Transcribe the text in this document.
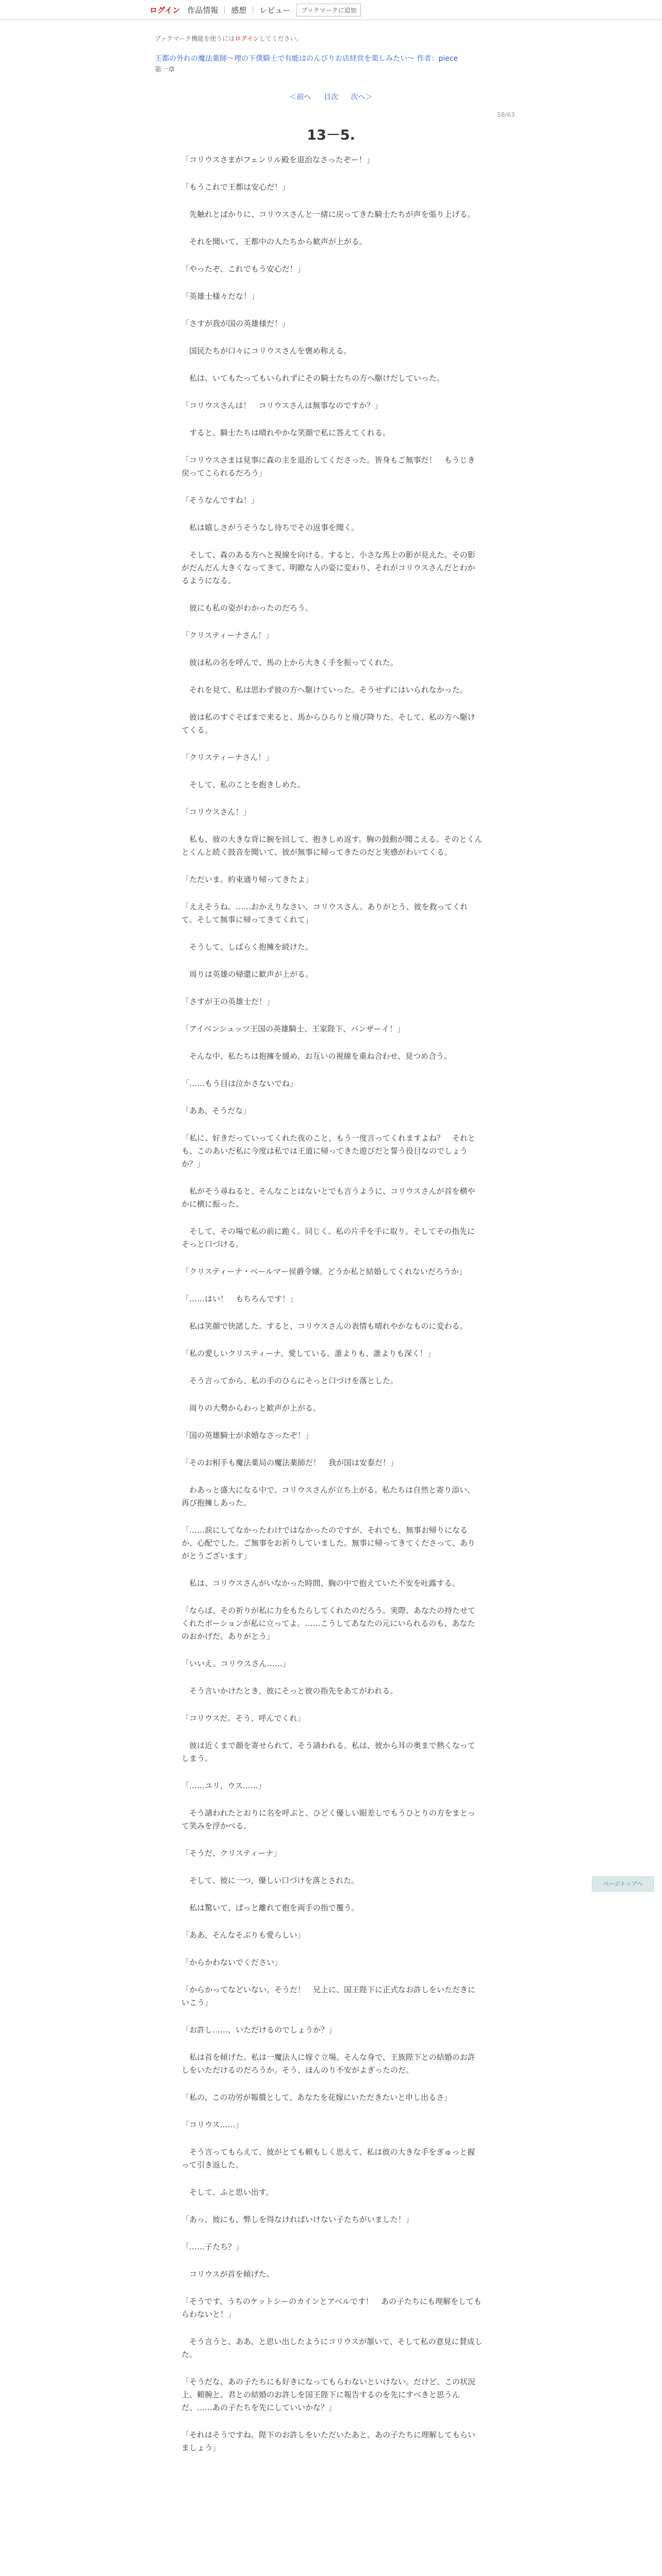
ログイン 作品情報 感想 レビュー	ブックマークに追加
ブックマーク機能を使うにはログインしてください。
王都の外れの魔法薬師〜理の下僕騎士で有能はのんびりお店経営を楽しみたい〜 作者：piece
第一章
＜前へ 目次 次へ＞
58/63
13－5.

「コリウスさまがフェンリル殿を退治なさったぞー！」

「もうこれで王都は安心だ！」

　先触れとばかりに、コリウスさんと一緒に戻ってきた騎士たちが声を張り上げる。

　それを聞いて、王都中の人たちから歓声が上がる。

「やったぞ、これでもう安心だ！」

「英雄士様々だな！」

「さすが我が国の英雄様だ！」

　国民たちが口々にコリウスさんを褒め称える。

　私は、いてもたってもいられずにその騎士たちの方へ駆けだしていった。

「コリウスさんは！　コリウスさんは無事なのですか？」

　すると、騎士たちは晴れやかな笑顔で私に答えてくれる。

「コリウスさまは見事に森の主を退治してくださった。皆身もご無事だ！　もうじき戻ってこられるだろう」

「そうなんですね！」

　私は嬉しさがうそうなし待ちでその返事を聞く。

　そして、森のある方へと視線を向ける。すると、小さな馬上の影が見えた。その影がだんだん大きくなってきて、明瞭な人の姿に変わり、それがコリウスさんだとわかるようになる。

　彼にも私の姿がわかったのだろう。

「クリスティーナさん！」

　彼は私の名を呼んで、馬の上から大きく手を振ってくれた。

　それを見て、私は思わず彼の方へ駆けていった。そうせずにはいられなかった。

　彼は私のすぐそばまで来ると、馬からひらりと飛び降りた。そして、私の方へ駆けてくる。

「クリスティーナさん！」

　そして、私のことを抱きしめた。

「コリウスさん！」

　私も、彼の大きな背に腕を回して、抱きしめ返す。胸の鼓動が聞こえる。そのとくんとくんと続く鼓音を聞いて、彼が無事に帰ってきたのだと実感がわいてくる。

「ただいま。約束通り帰ってきたよ」

「ええそうね。……おかえりなさい、コリウスさん。ありがとう、彼を救ってくれて。そして無事に帰ってきてくれて」

　そうして、しばらく抱擁を続けた。

　周りは英雄の帰還に歓声が上がる。

「さすが王の英雄士だ！」

「アイベンシュッツ王国の英雄騎士、王家陛下、バンザーイ！」

　そんな中、私たちは抱擁を緩め、お互いの視線を重ね合わせ、見つめ合う。

「……もう目は泣かさないでね」

「ああ、そうだな」

「私に、好きだっていってくれた夜のこと、もう一度言ってくれますよね？　それとも、このあいだ私に今度は私では王道に帰ってきた遊びだと誓う役目なのでしょうか？」

　私がそう尋ねると、そんなことはないとでも言うように、コリウスさんが首を横やかに横に振った。

　そして、その場で私の前に跪く。同じく、私の片手を手に取り。そしてその指先にそっと口づける。

「クリスティーナ・ベールマー侯爵令嬢。どうか私と結婚してくれないだろうか」

「……はい！　もちろんです！」

　私は笑顔で快諾した。すると、コリウスさんの表情も晴れやかなものに変わる。

「私の愛しいクリスティーナ。愛している。誰よりも、誰よりも深く！」

　そう言ってから、私の手のひらにそっと口づけを落とした。

　周りの大勢からわっと歓声が上がる。

「国の英雄騎士が求婚なさったぞ！」

「そのお相手も魔法薬局の魔法薬師だ！　我が国は安泰だ！」

　わあっと盛大になる中で、コリウスさんが立ち上がる。私たちは自然と寄り添い、再び抱擁しあった。

「……涙にしてなかったわけではなかったのですが、それでも、無事お帰りになるか、心配でした。ご無事をお祈りしていました。無事に帰ってきてくださって、ありがとうございます」

　私は、コリウスさんがいなかった時間、胸の中で抱えていた不安を吐露する。

「ならば、その祈りが私に力をもたらしてくれたのだろう。実際、あなたの持たせてくれたポーションが私に立ってよ。……こうしてあなたの元にいられるのも、あなたのおかげだ。ありがとう」

「いいえ。コリウスさん……」

　そう言いかけたとき、彼にそっと彼の指先をあてがわれる。

「コリウスだ。そう、呼んでくれ」

　彼は近くまで顔を寄せられて、そう請われる。私は、彼から耳の奥まで熱くなってしまう。

「……ユリ、ウス……」

　そう請われたとおりに名を呼ぶと、ひどく優しい眼差しでもうひとりの方をまとって笑みを浮かべる。

「そうだ、クリスティーナ」

　そして、彼に一つ、優しい口づけを落とされた。

　私は驚いて、ぱっと離れて抱を両手の指で覆う。

「ああ、そんなそぶりも愛らしい」

「からかわないでください」

「からかってなどいない。そうだ！　兄上に、国王陛下に正式なお許しをいただきにいこう」

「お許し……、いただけるのでしょうか？」

　私は首を傾げた。私は一魔法人に嫁ぐ立場。そんな身で、王族陛下との結婚のお許しをいただけるのだろうか。そう、ほんのり不安がよぎったのだ。

「私の、この功労が報償として、あなたを花嫁にいただきたいと申し出るさ」

「コリウス……」

　そう言ってもらえて、彼がとても頼もしく思えて、私は彼の大きな手をぎゅっと握って引き返した。

　そして、ふと思い出す。

「あっ、彼にも、弊しを得なければいけない子たちがいました！」

「……子たち？」

　コリウスが首を傾げた。

「そうです、うちのケットシーのカインとアベルです！　あの子たちにも理解をしてもらわないと！」

　そう言うと、ああ、と思い出したようにコリウスが頷いて、そして私の意見に賛成した。

「そうだな、あの子たちにも好きになってもらわないといけない。だけど、この状況上、頼腕と。君との結婚のお許しを国王陛下に報告するのを先にすべきと思うんだ。……あの子たちを先にしていいかな？」

「それはそうですね。陛下のお許しをいただいたあと、あの子たちに理解してもらいましょう」

ページトップへ
